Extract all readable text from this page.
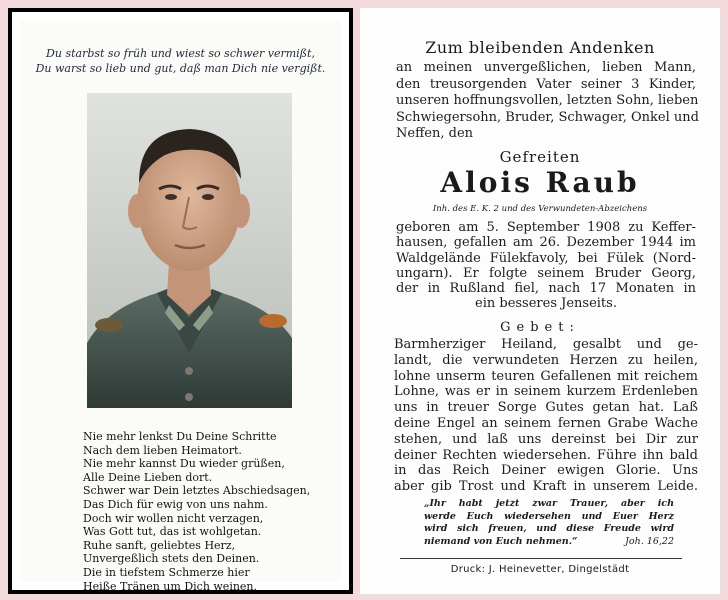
Du starbst so früh und wiest so schwer vermißt,
Du warst so lieb und gut, daß man Dich nie vergißt.
Nie mehr lenkst Du Deine Schritte
Nach dem lieben Heimatort.
Nie mehr kannst Du wieder grüßen,
Alle Deine Lieben dort.
Schwer war Dein letztes Abschiedsagen,
Das Dich für ewig von uns nahm.
Doch wir wollen nicht verzagen,
Was Gott tut, das ist wohlgetan.
Ruhe sanft, geliebtes Herz,
Unvergeßlich stets den Deinen.
Die in tiefstem Schmerze hier
Heiße Tränen um Dich weinen.
Zum bleibenden Andenken
an meinen unvergeßlichen, lieben Mann,
den treusorgenden Vater seiner 3 Kinder,
unseren hoffnungsvollen, letzten Sohn, lieben
Schwiegersohn, Bruder, Schwager, Onkel und
Neffen, den
Gefreiten
Alois Raub
Inh. des E. K. 2 und des Verwundeten-Abzeichens
geboren am 5. September 1908 zu Keffer-
hausen, gefallen am 26. Dezember 1944 im
Waldgelände Fülekfavoly, bei Fülek (Nord-
ungarn). Er folgte seinem Bruder Georg,
der in Rußland fiel, nach 17 Monaten in
ein besseres Jenseits.
Gebet:
Barmherziger Heiland, gesalbt und ge-
landt, die verwundeten Herzen zu heilen,
lohne unserm teuren Gefallenen mit reichem
Lohne, was er in seinem kurzem Erdenleben
uns in treuer Sorge Gutes getan hat. Laß
deine Engel an seinem fernen Grabe Wache
stehen, und laß uns dereinst bei Dir zur
deiner Rechten wiedersehen. Führe ihn bald
in das Reich Deiner ewigen Glorie. Uns
aber gib Trost und Kraft in unserem Leide.
„Ihr habt jetzt zwar Trauer, aber ich
werde Euch wiedersehen und Euer Herz
wird sich freuen, und diese Freude wird
niemand von Euch nehmen.“	Joh. 16,22
Druck: J. Heinevetter, Dingelstädt
